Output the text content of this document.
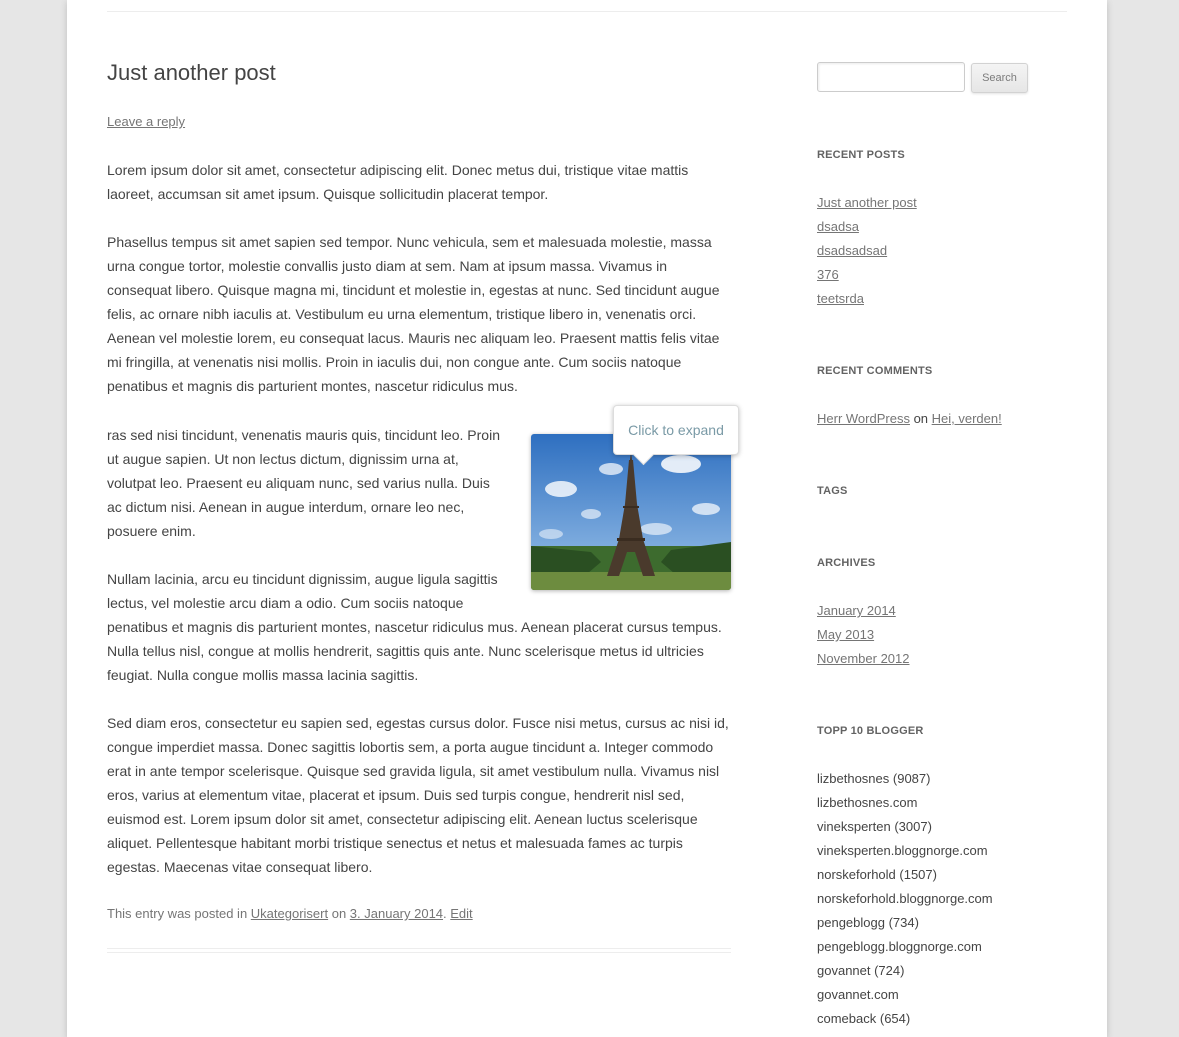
Just another post
Leave a reply

Lorem ipsum dolor sit amet, consectetur adipiscing elit. Donec metus dui, tristique vitae mattis laoreet, accumsan sit amet ipsum. Quisque sollicitudin placerat tempor.

Phasellus tempus sit amet sapien sed tempor. Nunc vehicula, sem et malesuada molestie, massa urna congue tortor, molestie convallis justo diam at sem. Nam at ipsum massa. Vivamus in consequat libero. Quisque magna mi, tincidunt et molestie in, egestas at nunc. Sed tincidunt augue felis, ac ornare nibh iaculis at. Vestibulum eu urna elementum, tristique libero in, venenatis orci. Aenean vel molestie lorem, eu consequat lacus. Mauris nec aliquam leo. Praesent mattis felis vitae mi fringilla, at venenatis nisi mollis. Proin in iaculis dui, non congue ante. Cum sociis natoque penatibus et magnis dis parturient montes, nascetur ridiculus mus.

ras sed nisi tincidunt, venenatis mauris quis, tincidunt leo. Proin ut augue sapien. Ut non lectus dictum, dignissim urna at, volutpat leo. Praesent eu aliquam nunc, sed varius nulla. Duis ac dictum nisi. Aenean in augue interdum, ornare leo nec, posuere enim.

Nullam lacinia, arcu eu tincidunt dignissim, augue ligula sagittis lectus, vel molestie arcu diam a odio. Cum sociis natoque penatibus et magnis dis parturient montes, nascetur ridiculus mus. Aenean placerat cursus tempus. Nulla tellus nisl, congue at mollis hendrerit, sagittis quis ante. Nunc scelerisque metus id ultricies feugiat. Nulla congue mollis massa lacinia sagittis.

Sed diam eros, consectetur eu sapien sed, egestas cursus dolor. Fusce nisi metus, cursus ac nisi id, congue imperdiet massa. Donec sagittis lobortis sem, a porta augue tincidunt a. Integer commodo erat in ante tempor scelerisque. Quisque sed gravida ligula, sit amet vestibulum nulla. Vivamus nisl eros, varius at elementum vitae, placerat et ipsum. Duis sed turpis congue, hendrerit nisl sed, euismod est. Lorem ipsum dolor sit amet, consectetur adipiscing elit. Aenean luctus scelerisque aliquet. Pellentesque habitant morbi tristique senectus et netus et malesuada fames ac turpis egestas. Maecenas vitae consequat libero.

Click to expand
This entry was posted in Ukategorisert on 3. January 2014. Edit
Search
RECENT POSTS
Just another post
dsadsa
dsadsadsad
376
teetsrda
RECENT COMMENTS
Herr WordPress on Hei, verden!
TAGS
ARCHIVES
January 2014
May 2013
November 2012
TOPP 10 BLOGGER
lizbethosnes (9087)
lizbethosnes.com
vineksperten (3007)
vineksperten.bloggnorge.com
norskeforhold (1507)
norskeforhold.bloggnorge.com
pengeblogg (734)
pengeblogg.bloggnorge.com
govannet (724)
govannet.com
comeback (654)
